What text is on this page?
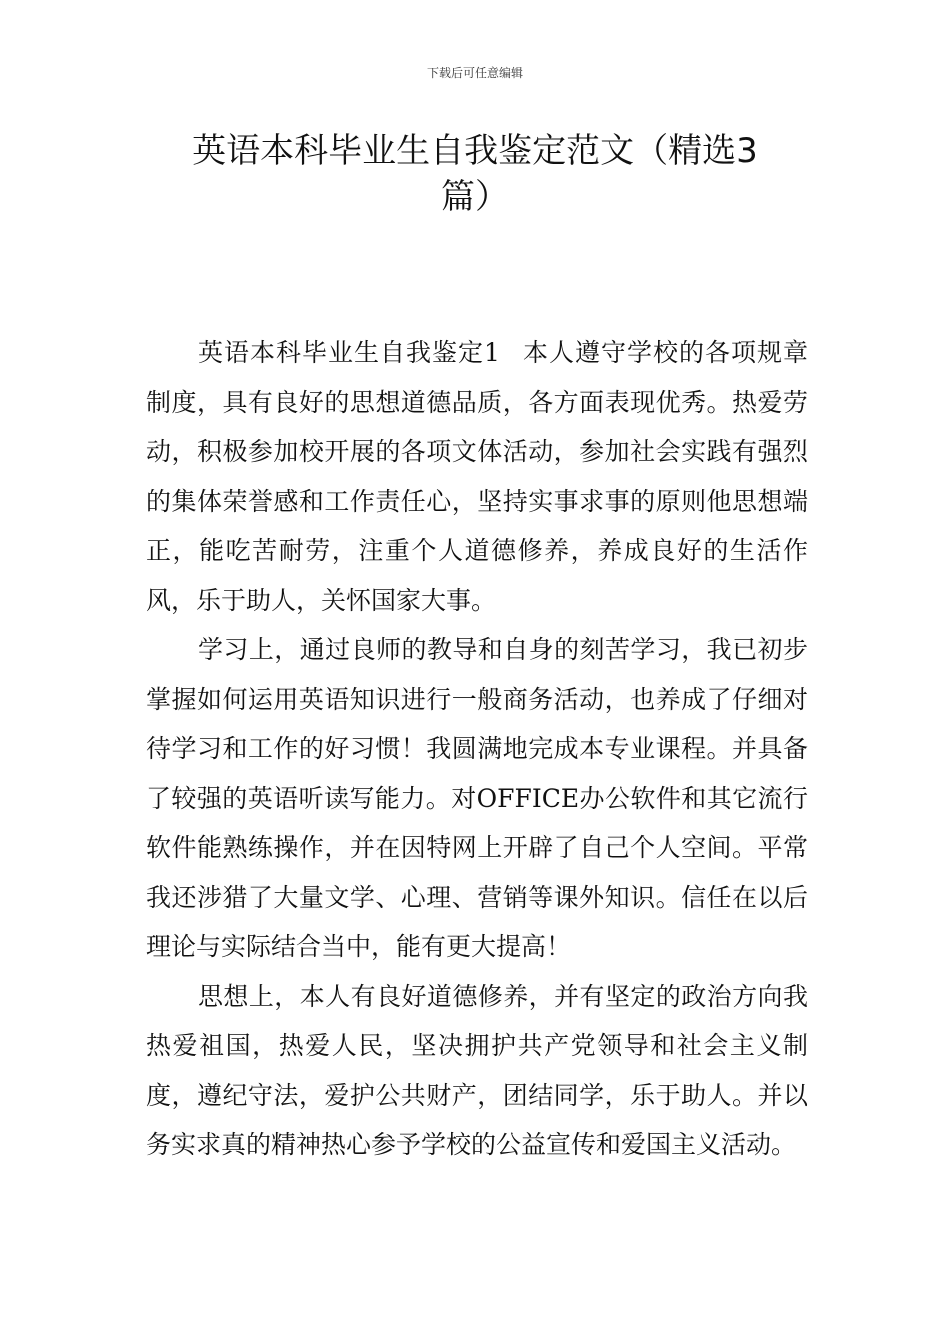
下载后可任意编辑
英语本科毕业生自我鉴定范文（精选3篇）

英语本科毕业生自我鉴定1 本人遵守学校的各项规章制度，具有良好的思想道德品质，各方面表现优秀。热爱劳动，积极参加校开展的各项文体活动，参加社会实践有强烈的集体荣誉感和工作责任心，坚持实事求事的原则他思想端正，能吃苦耐劳，注重个人道德修养，养成良好的生活作风，乐于助人，关怀国家大事。

学习上，通过良师的教导和自身的刻苦学习，我已初步掌握如何运用英语知识进行一般商务活动，也养成了仔细对待学习和工作的好习惯！我圆满地完成本专业课程。并具备了较强的英语听读写能力。对OFFICE办公软件和其它流行软件能熟练操作，并在因特网上开辟了自己个人空间。平常我还涉猎了大量文学、心理、营销等课外知识。信任在以后理论与实际结合当中，能有更大提高！

思想上，本人有良好道德修养，并有坚定的政治方向我热爱祖国，热爱人民，坚决拥护共产党领导和社会主义制度，遵纪守法，爱护公共财产，团结同学，乐于助人。并以务实求真的精神热心参予学校的公益宣传和爱国主义活动。
